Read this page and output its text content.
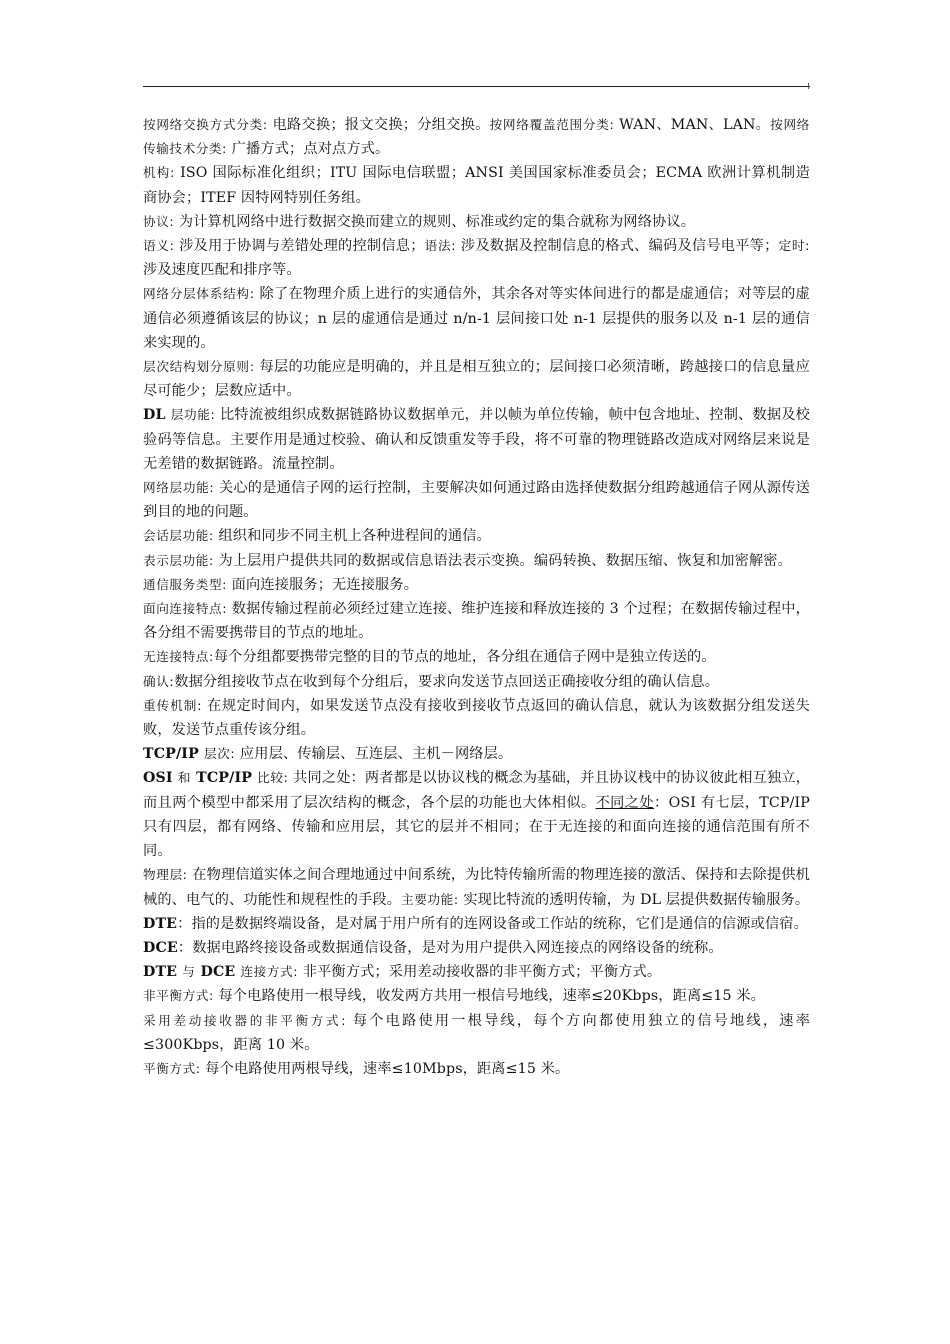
按网络交换方式分类: 电路交换；报文交换；分组交换。按网络覆盖范围分类: WAN、MAN、LAN。按网络传输技术分类: 广播方式；点对点方式。

机构: ISO 国际标准化组织；ITU 国际电信联盟；ANSI 美国国家标准委员会；ECMA 欧洲计算机制造商协会；ITEF 因特网特别任务组。

协议: 为计算机网络中进行数据交换而建立的规则、标准或约定的集合就称为网络协议。

语义: 涉及用于协调与差错处理的控制信息；语法: 涉及数据及控制信息的格式、编码及信号电平等；定时: 涉及速度匹配和排序等。

网络分层体系结构: 除了在物理介质上进行的实通信外，其余各对等实体间进行的都是虚通信；对等层的虚通信必须遵循该层的协议；n 层的虚通信是通过 n/n-1 层间接口处 n-1 层提供的服务以及 n-1 层的通信来实现的。

层次结构划分原则: 每层的功能应是明确的，并且是相互独立的；层间接口必须清晰，跨越接口的信息量应尽可能少；层数应适中。

DL 层功能: 比特流被组织成数据链路协议数据单元，并以帧为单位传输，帧中包含地址、控制、数据及校验码等信息。主要作用是通过校验、确认和反馈重发等手段，将不可靠的物理链路改造成对网络层来说是无差错的数据链路。流量控制。

网络层功能: 关心的是通信子网的运行控制，主要解决如何通过路由选择使数据分组跨越通信子网从源传送到目的地的问题。

会话层功能: 组织和同步不同主机上各种进程间的通信。

表示层功能: 为上层用户提供共同的数据或信息语法表示变换。编码转换、数据压缩、恢复和加密解密。

通信服务类型: 面向连接服务；无连接服务。

面向连接特点: 数据传输过程前必须经过建立连接、维护连接和释放连接的 3 个过程；在数据传输过程中，各分组不需要携带目的节点的地址。

无连接特点:每个分组都要携带完整的目的节点的地址，各分组在通信子网中是独立传送的。

确认:数据分组接收节点在收到每个分组后，要求向发送节点回送正确接收分组的确认信息。

重传机制: 在规定时间内，如果发送节点没有接收到接收节点返回的确认信息，就认为该数据分组发送失败，发送节点重传该分组。

TCP/IP 层次: 应用层、传输层、互连层、主机－网络层。

OSI 和 TCP/IP 比较: 共同之处：两者都是以协议栈的概念为基础，并且协议栈中的协议彼此相互独立，而且两个模型中都采用了层次结构的概念，各个层的功能也大体相似。不同之处：OSI 有七层，TCP/IP 只有四层，都有网络、传输和应用层，其它的层并不相同；在于无连接的和面向连接的通信范围有所不同。

物理层: 在物理信道实体之间合理地通过中间系统，为比特传输所需的物理连接的激活、保持和去除提供机械的、电气的、功能性和规程性的手段。主要功能: 实现比特流的透明传输，为 DL 层提供数据传输服务。

DTE：指的是数据终端设备，是对属于用户所有的连网设备或工作站的统称，它们是通信的信源或信宿。

DCE：数据电路终接设备或数据通信设备，是对为用户提供入网连接点的网络设备的统称。

DTE 与 DCE 连接方式: 非平衡方式；采用差动接收器的非平衡方式；平衡方式。

非平衡方式: 每个电路使用一根导线，收发两方共用一根信号地线，速率≤20Kbps，距离≤15 米。

采用差动接收器的非平衡方式: 每个电路使用一根导线，每个方向都使用独立的信号地线，速率≤300Kbps，距离 10 米。

平衡方式: 每个电路使用两根导线，速率≤10Mbps，距离≤15 米。
